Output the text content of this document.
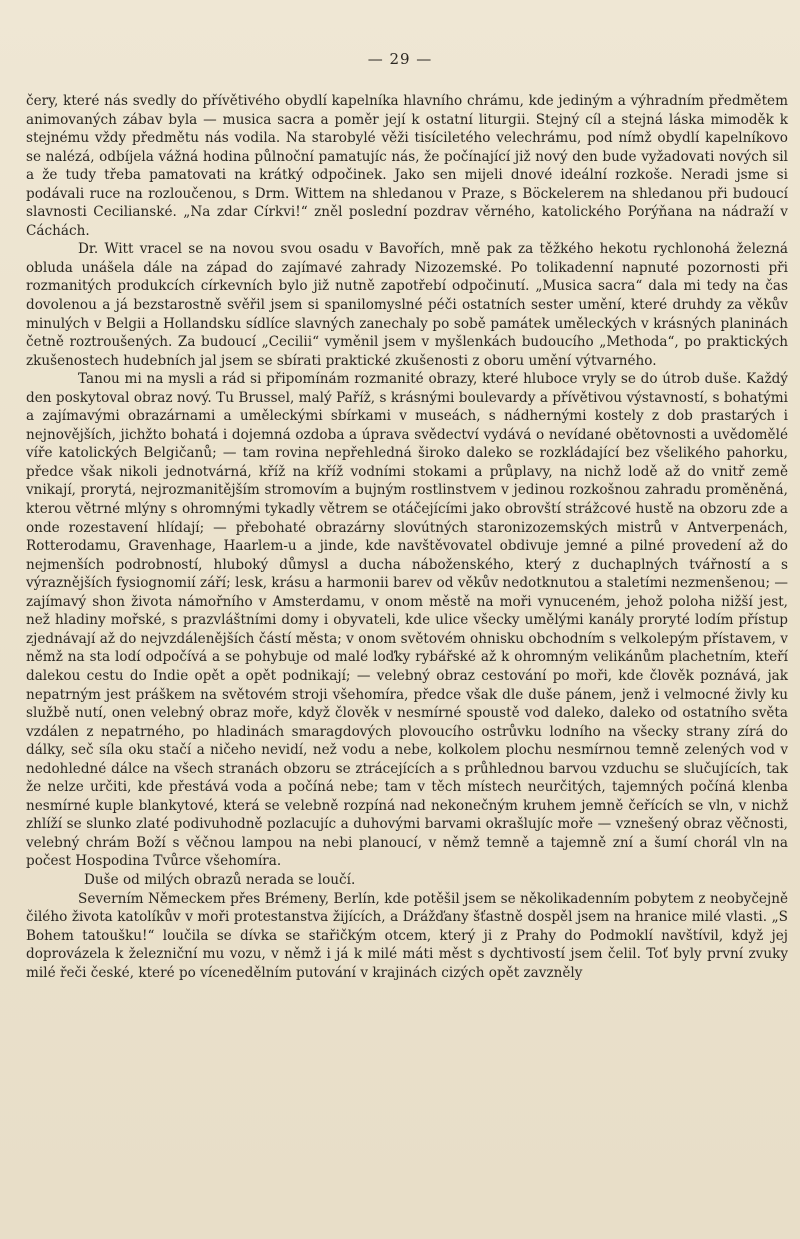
— 29 —

čery, které nás svedly do přívětivého obydlí kapelníka hlavního chrámu, kde jediným a výhradním předmětem animovaných zábav byla — musica sacra a poměr její k ostatní liturgii. Stejný cíl a stejná láska mimoděk k stejnému vždy předmětu nás vodila. Na starobylé věži tisíciletého velechrámu, pod nímž obydlí kapelníkovo se nalézá, odbíjela vážná hodina půlnoční pamatujíc nás, že počínající již nový den bude vyžadovati nových sil a že tudy třeba pamatovati na krátký odpočinek. Jako sen mijeli dnové ideální rozkoše. Neradi jsme si podávali ruce na rozloučenou, s Drm. Wittem na shledanou v Praze, s Böckelerem na shledanou při budoucí slavnosti Cecilianské. „Na zdar Církvi!“ zněl poslední pozdrav věrného, katolického Porýňana na nádraží v Cáchách.

Dr. Witt vracel se na novou svou osadu v Bavořích, mně pak za těžkého hekotu rychlonohá železná obluda unášela dále na západ do zajímavé zahrady Nizozemské. Po tolikadenní napnuté pozornosti při rozmanitých produkcích církevních bylo již nutně zapotřebí odpočinutí. „Musica sacra“ dala mi tedy na čas dovolenou a já bezstarostně svěřil jsem si spanilomyslné péči ostatních sester umění, které druhdy za věkův minulých v Belgii a Hollandsku sídlíce slavných zanechaly po sobě památek uměleckých v krásných planinách četně roztroušených. Za budoucí „Cecilii“ vyměnil jsem v myšlenkách budoucího „Methoda“, po praktických zkušenostech hudebních jal jsem se sbírati praktické zkušenosti z oboru umění výtvarného.

Tanou mi na mysli a rád si připomínám rozmanité obrazy, které hluboce vryly se do útrob duše. Každý den poskytoval obraz nový. Tu Brussel, malý Paříž, s krásnými boulevardy a přívětivou výstavností, s bohatými a zajímavými obrazárnami a uměleckými sbírkami v museách, s nádhernými kostely z dob prastarých i nejnovějších, jichžto bohatá i dojemná ozdoba a úprava svědectví vydává o nevídané obětovnosti a uvědomělé víře katolických Belgičanů; — tam rovina nepřehledná široko daleko se rozkládající bez všelikého pahorku, předce však nikoli jednotvárná, kříž na kříž vodními stokami a průplavy, na nichž lodě až do vnitř země vnikají, prorytá, nejrozmanitějším stromovím a bujným rostlinstvem v jedinou rozkošnou zahradu proměněná, kterou větrné mlýny s ohromnými tykadly větrem se otáčejícími jako obrovští strážcové hustě na obzoru zde a onde rozestavení hlídají; — přebohaté obrazárny slovútných staronizozemských mistrů v Antverpenách, Rotterodamu, Gravenhage, Haarlem-u a jinde, kde navštěvovatel obdivuje jemné a pilné provedení až do nejmenších podrobností, hluboký důmysl a ducha náboženského, který z duchaplných tvářností a s výraznějších fysiognomií září; lesk, krásu a harmonii barev od věkův nedotknutou a staletími nezmenšenou; — zajímavý shon života námořního v Amsterdamu, v onom městě na moři vynuceném, jehož poloha nižší jest, než hladiny mořské, s prazvláštními domy i obyvateli, kde ulice všecky umělými kanály proryté lodím přístup zjednávají až do nejvzdálenějších částí města; v onom světovém ohnisku obchodním s velkolepým přístavem, v němž na sta lodí odpočívá a se pohybuje od malé loďky rybářské až k ohromným velikánům plachetním, kteří dalekou cestu do Indie opět a opět podnikají; — velebný obraz cestování po moři, kde člověk poznává, jak nepatrným jest práškem na světovém stroji všehomíra, předce však dle duše pánem, jenž i velmocné živly ku službě nutí, onen velebný obraz moře, když člověk v nesmírné spoustě vod daleko, daleko od ostatního světa vzdálen z nepatrného, po hladinách smaragdových plovoucího ostrůvku lodního na všecky strany zírá do dálky, seč síla oku stačí a ničeho nevidí, než vodu a nebe, kolkolem plochu nesmírnou temně zelených vod v nedohledné dálce na všech stranách obzoru se ztrácejících a s průhlednou barvou vzduchu se slučujících, tak že nelze určiti, kde přestává voda a počíná nebe; tam v těch místech neurčitých, tajemných počíná klenba nesmírné kuple blankytové, která se velebně rozpíná nad nekonečným kruhem jemně čeřících se vln, v nichž zhlíží se slunko zlaté podivuhodně pozlacujíc a duhovými barvami okrašlujíc moře — vznešený obraz věčnosti, velebný chrám Boží s věčnou lampou na nebi planoucí, v němž temně a tajemně zní a šumí chorál vln na počest Hospodina Tvůrce všehomíra.

Duše od milých obrazů nerada se loučí.

Severním Německem přes Brémeny, Berlín, kde potěšil jsem se několikadenním pobytem z neobyčejně čilého života katolíkův v moři protestanstva žijících, a Drážďany šťastně dospěl jsem na hranice milé vlasti. „S Bohem tatoušku!“ loučila se dívka se stařičkým otcem, který ji z Prahy do Podmoklí navštívil, když jej doprovázela k železniční mu vozu, v němž i já k milé máti měst s dychtivostí jsem čelil. Toť byly první zvuky milé řeči české, které po vícenedělním putování v krajinách cizých opět zavzněly
